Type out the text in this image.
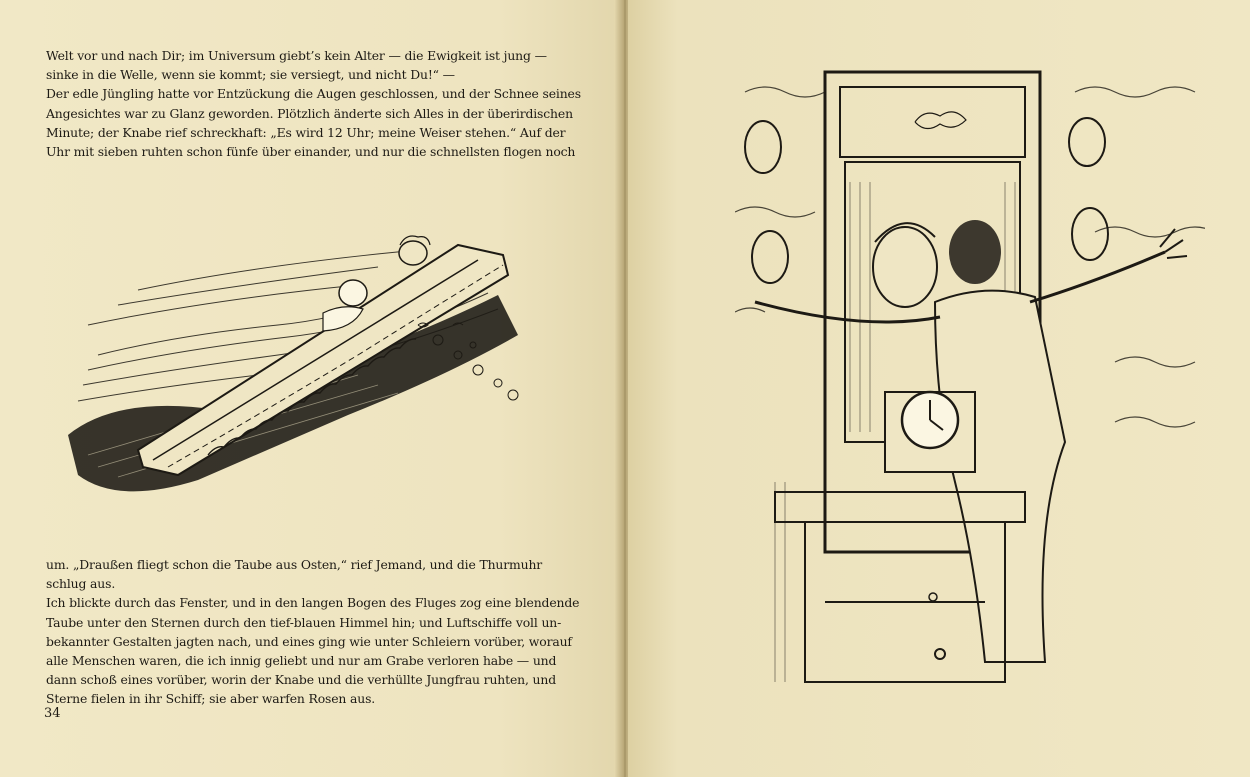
Welt vor und nach Dir; im Universum giebt’s kein Alter — die Ewigkeit ist jung —
sinke in die Welle, wenn sie kommt; sie versiegt, und nicht Du!“ —
Der edle Jüngling hatte vor Entzückung die Augen geschlossen, und der Schnee seines
Angesichtes war zu Glanz geworden. Plötzlich änderte sich Alles in der überirdischen
Minute; der Knabe rief schreckhaft: „Es wird 12 Uhr; meine Weiser stehen.“ Auf der
Uhr mit sieben ruhten schon fünfe über einander, und nur die schnellsten flogen noch
um. „Draußen fliegt schon die Taube aus Osten,“ rief Jemand, und die Thurmuhr
schlug aus.
Ich blickte durch das Fenster, und in den langen Bogen des Fluges zog eine blendende
Taube unter den Sternen durch den tief-blauen Himmel hin; und Luftschiffe voll un-
bekannter Gestalten jagten nach, und eines ging wie unter Schleiern vorüber, worauf
alle Menschen waren, die ich innig geliebt und nur am Grabe verloren habe — und
dann schoß eines vorüber, worin der Knabe und die verhüllte Jungfrau ruhten, und
Sterne fielen in ihr Schiff; sie aber warfen Rosen aus.
34
